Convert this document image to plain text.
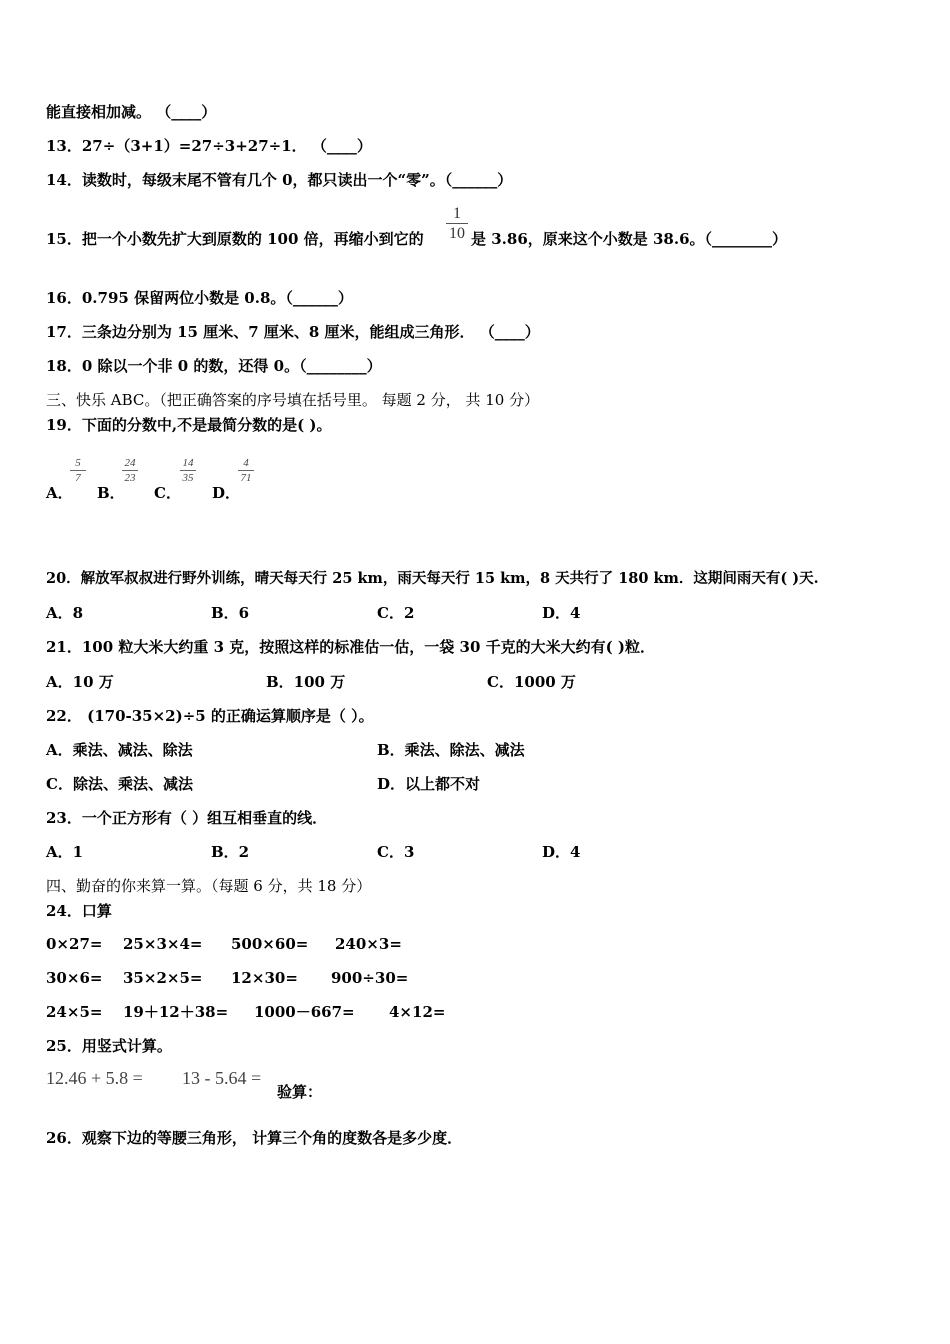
能直接相加减。 （____）
13．27÷（3+1）=27÷3+27÷1． （____）
14．读数时，每级末尾不管有几个 0，都只读出一个“零”。（______）
15．把一个小数先扩大到原数的 100 倍，再缩小到它的
1
10 是 3.86，原来这个小数是 38.6。（________）
16．0.795 保留两位小数是 0.8。（______）
17．三条边分别为 15 厘米、7 厘米、8 厘米，能组成三角形． （____）
18．0 除以一个非 0 的数，还得 0。（________）
三、快乐 ABC。（把正确答案的序号填在括号里。 每题 2 分， 共 10 分）
19．下面的分数中,不是最简分数的是( )。
A．
5
7
B．
24
23
C．
14
35
D．
4
71
20．解放军叔叔进行野外训练，晴天每天行 25 km，雨天每天行 15 km，8 天共行了 180 km．这期间雨天有( )天.
A．8	B．6	C．2	D．4
21．100 粒大米大约重 3 克，按照这样的标准估一估，一袋 30 千克的大米大约有( )粒．
A．10 万	B．100 万	C．1000 万
22． (170-35×2)÷5 的正确运算顺序是（ ）。
A．乘法、减法、除法	B．乘法、除法、减法
C．除法、乘法、减法	D．以上都不对
23．一个正方形有（ ）组互相垂直的线．
A．1	B．2	C．3	D．4
四、勤奋的你来算一算。（每题 6 分，共 18 分）
24．口算
0×27= 25×3×4= 500×60= 240×3=
30×6= 35×2×5= 12×30= 900÷30=
24×5= 19＋12＋38= 1000－667= 4×12=
25．用竖式计算。
12.46 + 5.8 = 13 - 5.64 =
验算：
26．观察下边的等腰三角形， 计算三个角的度数各是多少度．
